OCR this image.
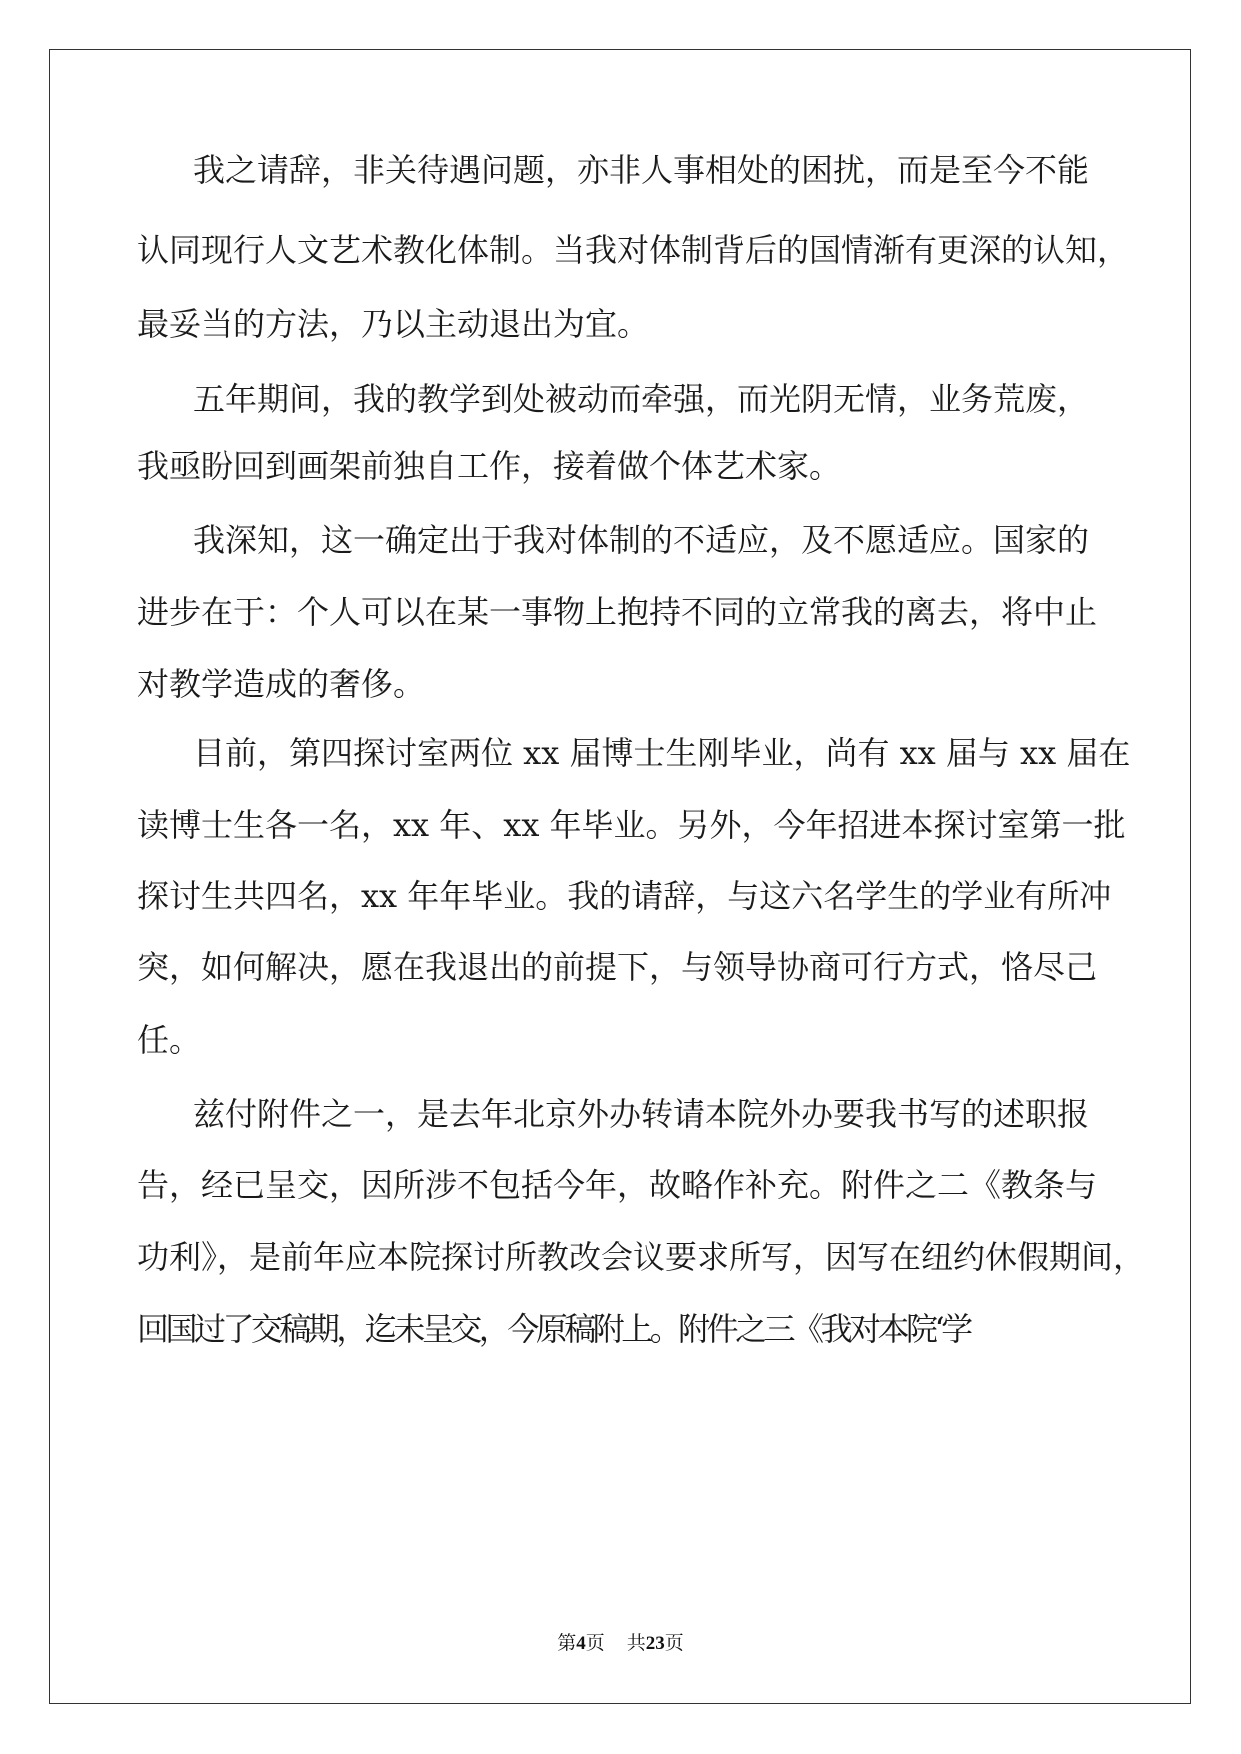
我之请辞，非关待遇问题，亦非人事相处的困扰，而是至今不能

认同现行人文艺术教化体制。当我对体制背后的国情渐有更深的认知，

最妥当的方法，乃以主动退出为宜。

五年期间，我的教学到处被动而牵强，而光阴无情，业务荒废，

我亟盼回到画架前独自工作，接着做个体艺术家。

我深知，这一确定出于我对体制的不适应，及不愿适应。国家的

进步在于：个人可以在某一事物上抱持不同的立常我的离去，将中止

对教学造成的奢侈。

目前，第四探讨室两位 xx 届博士生刚毕业，尚有 xx 届与 xx 届在

读博士生各一名，xx 年、xx 年毕业。另外，今年招进本探讨室第一批

探讨生共四名，xx 年年毕业。我的请辞，与这六名学生的学业有所冲

突，如何解决，愿在我退出的前提下，与领导协商可行方式，恪尽己

任。

兹付附件之一，是去年北京外办转请本院外办要我书写的述职报

告，经已呈交，因所涉不包括今年，故略作补充。附件之二《教条与

功利》，是前年应本院探讨所教改会议要求所写，因写在纽约休假期间，

回国过了交稿期，迄未呈交，今原稿附上。附件之三《我对本院‘学

第4页 共23页
